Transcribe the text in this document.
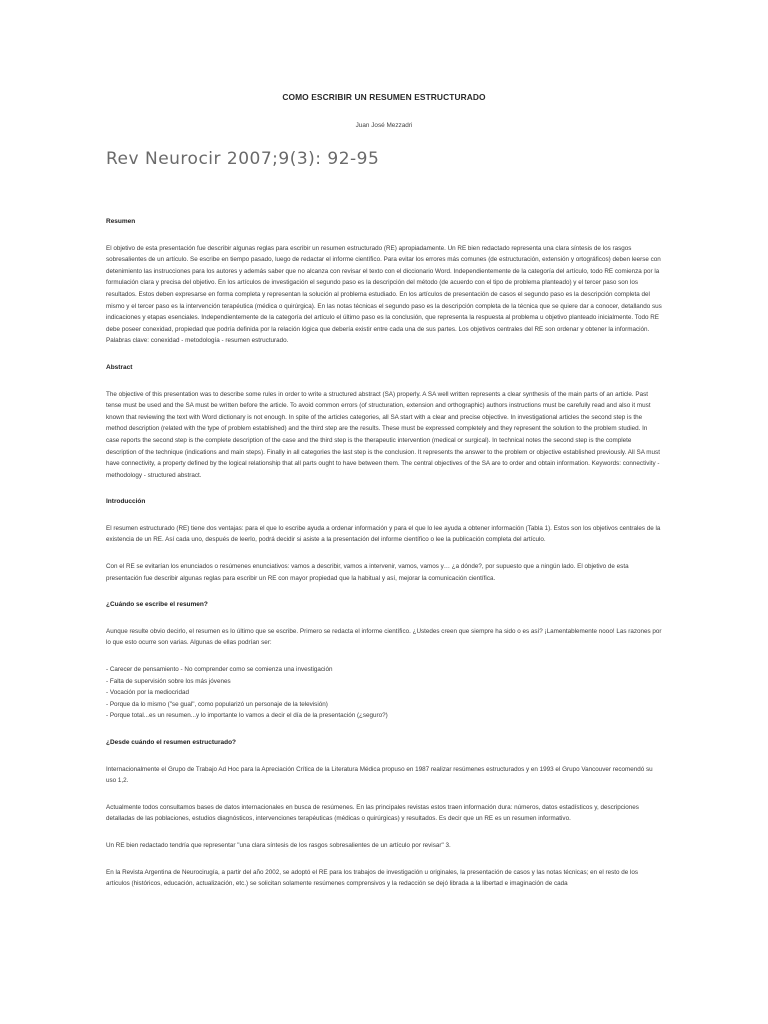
COMO ESCRIBIR UN RESUMEN ESTRUCTURADO
Juan José Mezzadri
Rev Neurocir 2007;9(3): 92-95

Resumen

El objetivo de esta presentación fue describir algunas reglas para escribir un resumen estructurado (RE) apropiadamente. Un RE bien redactado representa una clara síntesis de los rasgos sobresalientes de un artículo. Se escribe en tiempo pasado, luego de redactar el informe científico. Para evitar los errores más comunes (de estructuración, extensión y ortográficos) deben leerse con detenimiento las instrucciones para los autores y además saber que no alcanza con revisar el texto con el diccionario Word. Independientemente de la categoría del artículo, todo RE comienza por la formulación clara y precisa del objetivo. En los artículos de investigación el segundo paso es la descripción del método (de acuerdo con el tipo de problema planteado) y el tercer paso son los resultados. Estos deben expresarse en forma completa y representan la solución al problema estudiado. En los artículos de presentación de casos el segundo paso es la descripción completa del mismo y el tercer paso es la intervención terapéutica (médica o quirúrgica). En las notas técnicas el segundo paso es la descripción completa de la técnica que se quiere dar a conocer, detallando sus indicaciones y etapas esenciales. Independientemente de la categoría del artículo el último paso es la conclusión, que representa la respuesta al problema u objetivo planteado inicialmente. Todo RE debe poseer conexidad, propiedad que podría definida por la relación lógica que debería existir entre cada una de sus partes. Los objetivos centrales del RE son ordenar y obtener la información. Palabras clave: conexidad - metodología - resumen estructurado.

Abstract

The objective of this presentation was to describe some rules in order to write a structured abstract (SA) properly. A SA well written represents a clear synthesis of the main parts of an article. Past tense must be used and the SA must be written before the article. To avoid common errors (of structuration, extension and orthographic) authors instructions must be carefully read and also it must known that reviewing the text with Word dictionary is not enough. In spite of the articles categories, all SA start with a clear and precise objective. In investigational articles the second step is the method description (related with the type of problem established) and the third step are the results. These must be expressed completely and they represent the solution to the problem studied. In case reports the second step is the complete description of the case and the third step is the therapeutic intervention (medical or surgical). In technical notes the second step is the complete description of the technique (indications and main steps). Finally in all categories the last step is the conclusion. It represents the answer to the problem or objective established previously. All SA must have connectivity, a property defined by the logical relationship that all parts ought to have between them. The central objectives of the SA are to order and obtain information. Keywords: connectivity - methodology - structured abstract.

Introducción

El resumen estructurado (RE) tiene dos ventajas: para el que lo escribe ayuda a ordenar información y para el que lo lee ayuda a obtener información (Tabla 1). Estos son los objetivos centrales de la existencia de un RE. Así cada uno, después de leerlo, podrá decidir si asiste a la presentación del informe científico o lee la publicación completa del artículo.

Con el RE se evitarían los enunciados o resúmenes enunciativos: vamos a describir, vamos a intervenir, vamos, vamos y… ¿a dónde?, por supuesto que a ningún lado. El objetivo de esta presentación fue describir algunas reglas para escribir un RE con mayor propiedad que la habitual y así, mejorar la comunicación científica.

¿Cuándo se escribe el resumen?

Aunque resulte obvio decirlo, el resumen es lo último que se escribe. Primero se redacta el informe científico. ¿Ustedes creen que siempre ha sido o es así? ¡Lamentablemente nooo! Las razones por lo que esto ocurre son varias. Algunas de ellas podrían ser:

- Carecer de pensamiento - No comprender como se comienza una investigación

- Falta de supervisión sobre los más jóvenes

- Vocación por la mediocridad

- Porque da lo mismo ("se gual", como popularizó un personaje de la televisión)

- Porque total...es un resumen...y lo importante lo vamos a decir el día de la presentación (¿seguro?)

¿Desde cuándo el resumen estructurado?

Internacionalmente el Grupo de Trabajo Ad Hoc para la Apreciación Crítica de la Literatura Médica propuso en 1987 realizar resúmenes estructurados y en 1993 el Grupo Vancouver recomendó su uso 1,2.

Actualmente todos consultamos bases de datos internacionales en busca de resúmenes. En las principales revistas estos traen información dura: números, datos estadísticos y, descripciones detalladas de las poblaciones, estudios diagnósticos, intervenciones terapéuticas (médicas o quirúrgicas) y resultados. Es decir que un RE es un resumen informativo.

Un RE bien redactado tendría que representar "una clara síntesis de los rasgos sobresalientes de un artículo por revisar" 3.

En la Revista Argentina de Neurocirugía, a partir del año 2002, se adoptó el RE para los trabajos de investigación u originales, la presentación de casos y las notas técnicas; en el resto de los artículos (históricos, educación, actualización, etc.) se solicitan solamente resúmenes comprensivos y la redacción se dejó librada a la libertad e imaginación de cada
